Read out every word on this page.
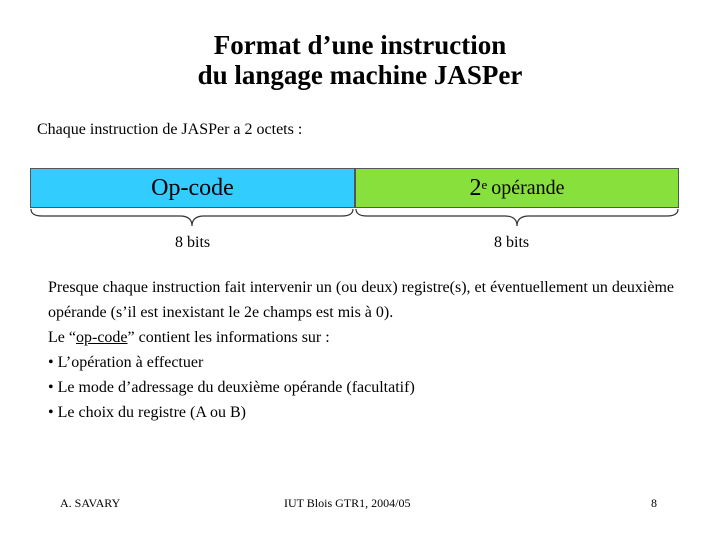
Format d’une instruction
du langage machine JASPer
Chaque instruction de JASPer a 2 octets :
Op-code	2e opérande
8 bits	8 bits

Presque chaque instruction fait intervenir un (ou deux) registre(s), et éventuellement un deuxième opérande (s’il est inexistant le 2e champs est mis à 0).

Le “op-code” contient les informations sur :

• L’opération à effectuer

• Le mode d’adressage du deuxième opérande (facultatif)

• Le choix du registre (A ou B)

A. SAVARY	IUT Blois GTR1, 2004/05	8
